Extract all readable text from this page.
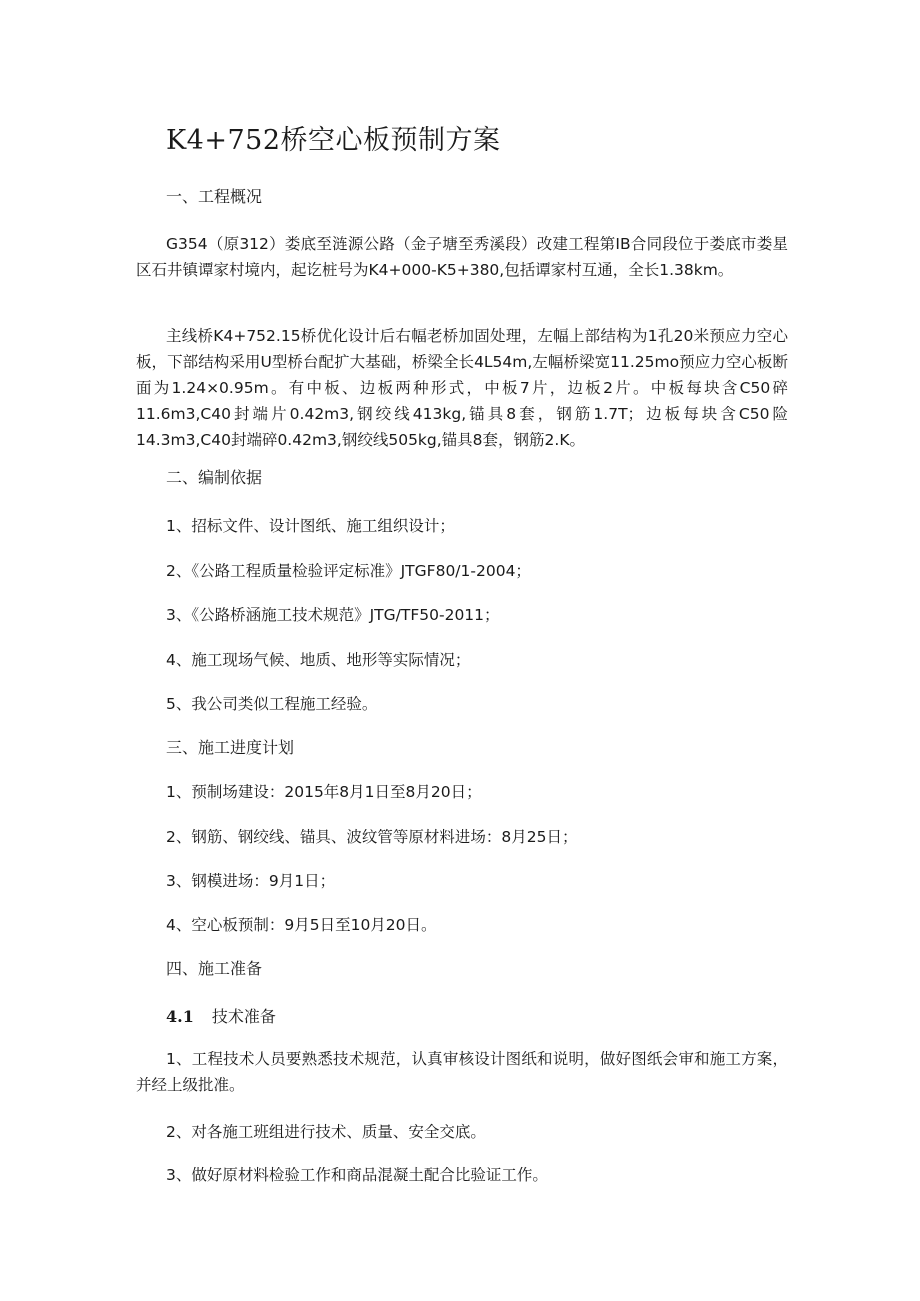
K4+752桥空心板预制方案
一、工程概况
G354（原312）娄底至涟源公路（金子塘至秀溪段）改建工程第IB合同段位于娄底市娄星区石井镇谭家村境内，起讫桩号为K4+000-K5+380,包括谭家村互通，全长1.38km。
主线桥K4+752.15桥优化设计后右幅老桥加固处理，左幅上部结构为1孔20米预应力空心板，下部结构采用U型桥台配扩大基础，桥梁全长4L54m,左幅桥梁宽11.25mo预应力空心板断面为1.24×0.95m。有中板、边板两种形式，中板7片，边板2片。中板每块含C50碎11.6m3,C40封端片0.42m3,钢绞线413kg,锚具8套，钢筋1.7T；边板每块含C50险14.3m3,C40封端碎0.42m3,钢绞线505kg,锚具8套，钢筋2.K。
二、编制依据
1、招标文件、设计图纸、施工组织设计；
2、《公路工程质量检验评定标准》JTGF80/1-2004；
3、《公路桥涵施工技术规范》JTG/TF50-2011；
4、施工现场气候、地质、地形等实际情况；
5、我公司类似工程施工经验。
三、施工进度计划
1、预制场建设：2015年8月1日至8月20日；
2、钢筋、钢绞线、锚具、波纹管等原材料进场：8月25日；
3、钢模进场：9月1日；
4、空心板预制：9月5日至10月20日。
四、施工准备
4.1 技术准备
1、工程技术人员要熟悉技术规范，认真审核设计图纸和说明，做好图纸会审和施工方案，并经上级批准。
2、对各施工班组进行技术、质量、安全交底。
3、做好原材料检验工作和商品混凝土配合比验证工作。
